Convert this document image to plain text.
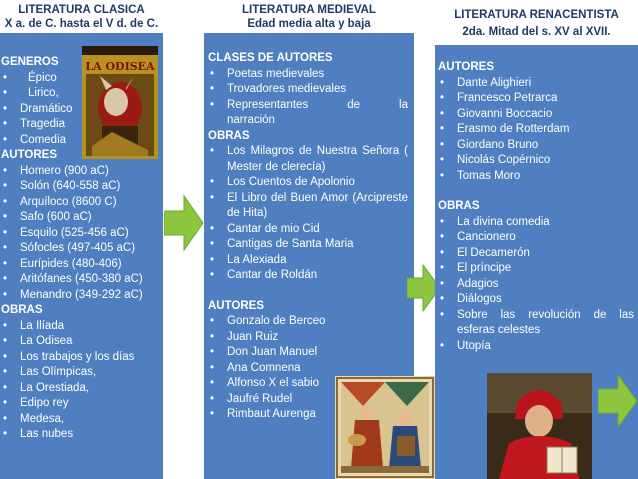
LITERATURA CLASICA
X a. de C. hasta el V d. de C.
GENEROS
• Épico
• Lirico,
• Dramático
• Tragedia
• Comedia
AUTORES
• Homero (900 aC)
• Solón (640-558 aC)
• Arquíloco (8600 C)
• Safo (600 aC)
• Esquilo (525-456 aC)
• Sófocles (497-405 aC)
• Eurípides (480-406)
• Aritófanes (450-380 aC)
• Menandro (349-292 aC)
OBRAS
• La Ilíada
• La Odisea
• Los trabajos y los días
• Las Olímpicas,
• La Orestiada,
• Edipo rey
• Medesa,
• Las nubes
LA ODISEA
LITERATURA MEDIEVAL
Edad media alta y baja
CLASES DE AUTORES
• Poetas medievales
• Trovadores medievales
• Representantes de la narración
OBRAS
• Los Milagros de Nuestra Señora ( Mester de clerecía)
• Los Cuentos de Apolonio
• El Libro del Buen Amor (Arcipreste de Hita)
• Cantar de mio Cid
• Cantigas de Santa Maria
• La Alexiada
• Cantar de Roldán
AUTORES
• Gonzalo de Berceo
• Juan Ruiz
• Don Juan Manuel
• Ana Comnena
• Alfonso X el sabio
• Jaufré Rudel
• Rimbaut Aurenga
LITERATURA RENACENTISTA
2da. Mitad del s. XV al XVII.
AUTORES
• Dante Alighieri
• Francesco Petrarca
• Giovanni Boccacio
• Erasmo de Rotterdam
• Giordano Bruno
• Nicolás Copérnico
• Tomas Moro
OBRAS
• La divina comedia
• Cancionero
• El Decamerón
• El príncipe
• Adagios
• Diálogos
• Sobre las revolución de las esferas celestes
• Utopía
